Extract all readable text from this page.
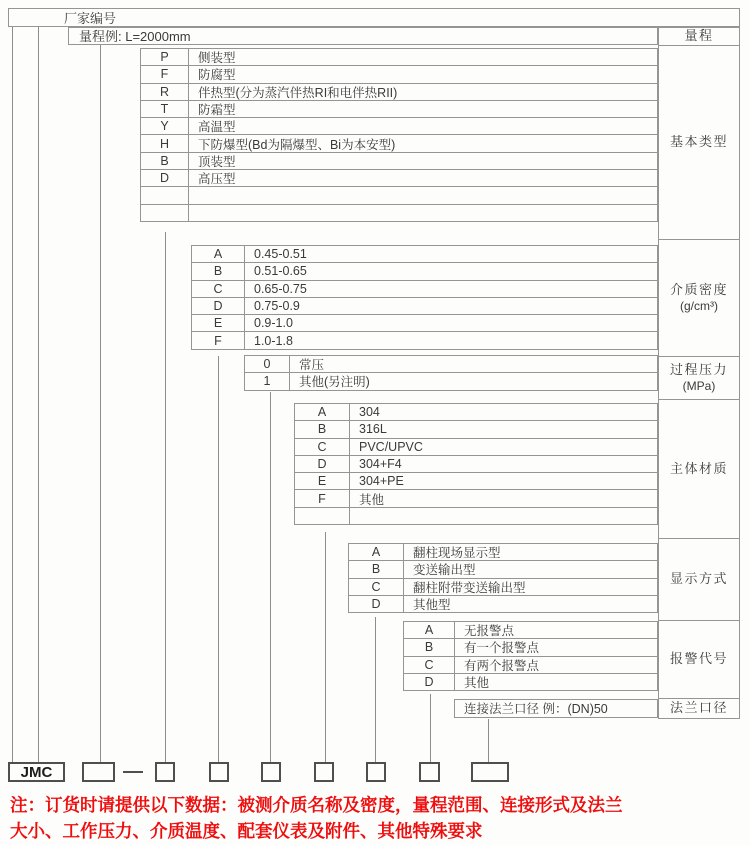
厂家编号
量程例: L=2000mm	量程
基本类型
介质密度
(g/cm³)
过程压力
(MPa)
主体材质
显示方式
报警代号
法兰口径
P	侧装型
F	防腐型
R	伴热型(分为蒸汽伴热RI和电伴热RII)
T	防霜型
Y	高温型
H	下防爆型(Bd为隔爆型、Bi为本安型)
B	顶装型
D	高压型
A	0.45-0.51
B	0.51-0.65
C	0.65-0.75
D	0.75-0.9
E	0.9-1.0
F	1.0-1.8
0	常压
1	其他(另注明)
A	304
B	316L
C	PVC/UPVC
D	304+F4
E	304+PE
F	其他
A	翻柱现场显示型
B	变送输出型
C	翻柱附带变送输出型
D	其他型
A	无报警点
B	有一个报警点
C	有两个报警点
D	其他
连接法兰口径 例：(DN)50
JMC
注：订货时请提供以下数据：被测介质名称及密度，量程范围、连接形式及法兰
大小、工作压力、介质温度、配套仪表及附件、其他特殊要求
